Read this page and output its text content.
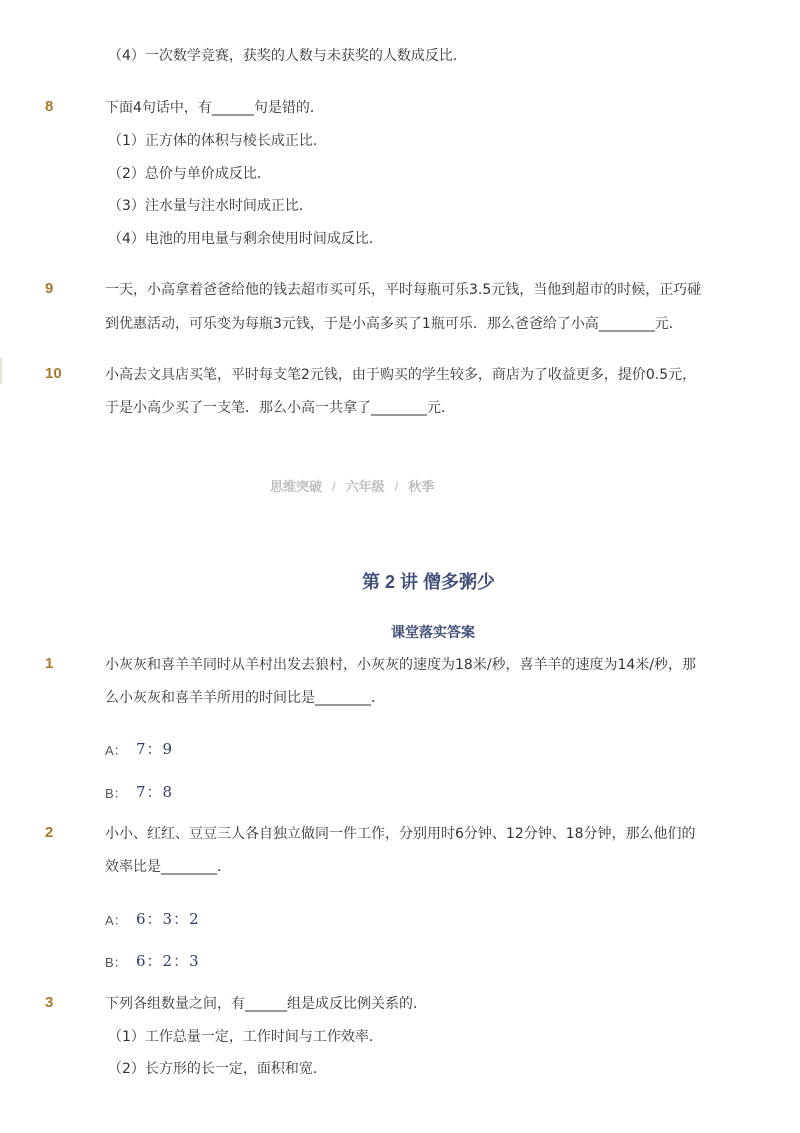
（4）一次数学竞赛，获奖的人数与未获奖的人数成反比．
8	下面4句话中，有______句是错的．
（1）正方体的体积与棱长成正比．
（2）总价与单价成反比．
（3）注水量与注水时间成正比．
（4）电池的用电量与剩余使用时间成反比．
9	一天，小高拿着爸爸给他的钱去超市买可乐，平时每瓶可乐3.5元钱，当他到超市的时候，正巧碰
到优惠活动，可乐变为每瓶3元钱，于是小高多买了1瓶可乐．那么爸爸给了小高________元．
10	小高去文具店买笔，平时每支笔2元钱，由于购买的学生较多，商店为了收益更多，提价0.5元，
于是小高少买了一支笔．那么小高一共拿了________元．
思维突破 / 六年级 / 秋季
第 2 讲 僧多粥少
课堂落实答案
1	小灰灰和喜羊羊同时从羊村出发去狼村，小灰灰的速度为18米/秒，喜羊羊的速度为14米/秒，那
么小灰灰和喜羊羊所用的时间比是________．
A： 7：9
B： 7：8
2	小小、红红、豆豆三人各自独立做同一件工作，分别用时6分钟、12分钟、18分钟，那么他们的
效率比是________．
A： 6：3：2
B： 6：2：3
3	下列各组数量之间，有______组是成反比例关系的．
（1）工作总量一定，工作时间与工作效率．
（2）长方形的长一定，面积和宽．
